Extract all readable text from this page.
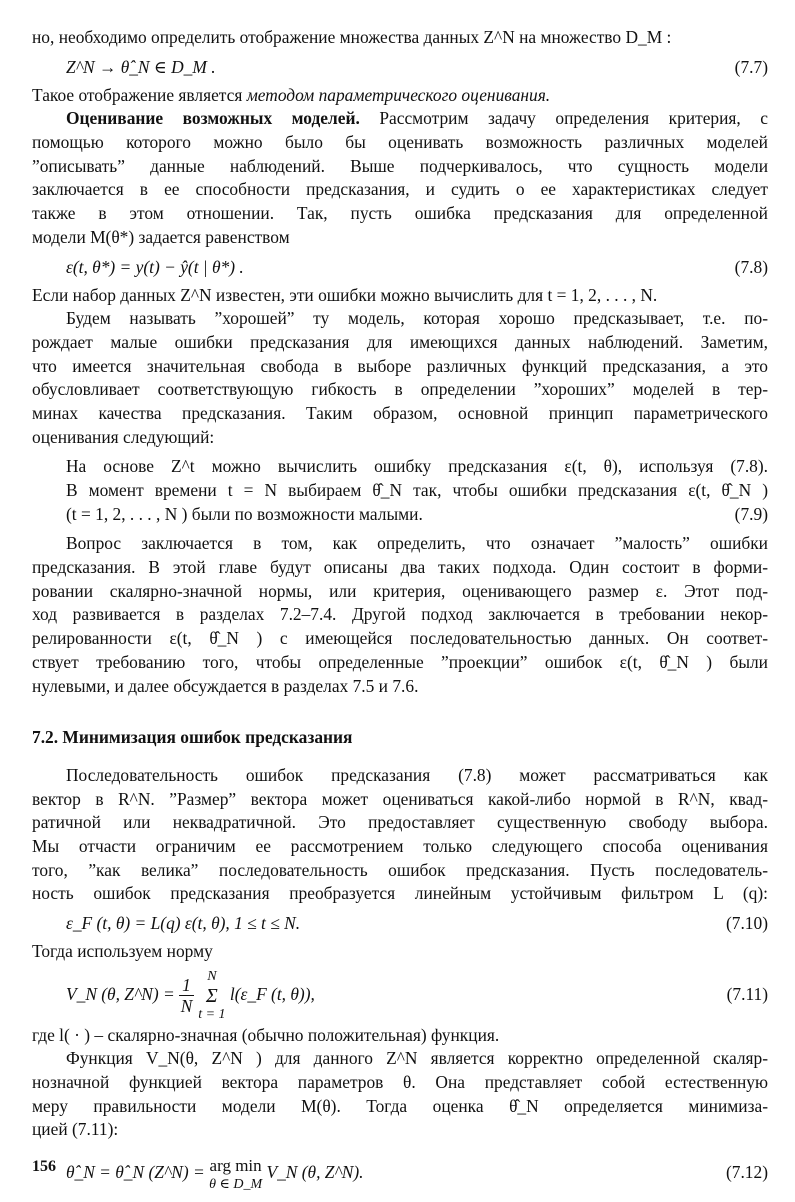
но, необходимо определить отображение множества данных Z^N на множество D_M :
Z^N → θ̂_N ∈ D_M .	(7.7)
Такое отображение является методом параметрического оценивания.
Оценивание возможных моделей. Рассмотрим задачу определения критерия, с
помощью которого можно было бы оценивать возможность различных моделей
”описывать” данные наблюдений. Выше подчеркивалось, что сущность модели
заключается в ее способности предсказания, и судить о ее характеристиках следует
также в этом отношении. Так, пусть ошибка предсказания для определенной
модели M(θ*) задается равенством
ε(t, θ*) = y(t) − ŷ(t | θ*) .	(7.8)
Если набор данных Z^N известен, эти ошибки можно вычислить для t = 1, 2, . . . , N.
Будем называть ”хорошей” ту модель, которая хорошо предсказывает, т.е. по-
рождает малые ошибки предсказания для имеющихся данных наблюдений. Заметим,
что имеется значительная свобода в выборе различных функций предсказания, а это
обусловливает соответствующую гибкость в определении ”хороших” моделей в тер-
минах качества предсказания. Таким образом, основной принцип параметрического
оценивания следующий:
На основе Z^t можно вычислить ошибку предсказания ε(t, θ), используя (7.8).
В момент времени t = N выбираем θ̂_N так, чтобы ошибки предсказания ε(t, θ̂_N )
(t = 1, 2, . . . , N ) были по возможности малыми.	(7.9)
Вопрос заключается в том, как определить, что означает ”малость” ошибки
предсказания. В этой главе будут описаны два таких подхода. Один состоит в форми-
ровании скалярно-значной нормы, или критерия, оценивающего размер ε. Этот под-
ход развивается в разделах 7.2–7.4. Другой подход заключается в требовании некор-
релированности ε(t, θ̂_N ) с имеющейся последовательностью данных. Он соответ-
ствует требованию того, чтобы определенные ”проекции” ошибок ε(t, θ̂_N ) были
нулевыми, и далее обсуждается в разделах 7.5 и 7.6.
7.2. Минимизация ошибок предсказания
Последовательность ошибок предсказания (7.8) может рассматриваться как
вектор в R^N. ”Размер” вектора может оцениваться какой-либо нормой в R^N, квад-
ратичной или неквадратичной. Это предоставляет существенную свободу выбора.
Мы отчасти ограничим ее рассмотрением только следующего способа оценивания
того, ”как велика” последовательность ошибок предсказания. Пусть последователь-
ность ошибок предсказания преобразуется линейным устойчивым фильтром L (q):
ε_F (t, θ) = L(q) ε(t, θ), 1 ≤ t ≤ N.	(7.10)
Тогда используем норму
V_N (θ, Z^N) = $\frac{1}{N}$ N
Σ
t = 1 l(ε_F (t, θ)),	(7.11)
где l( · ) – скалярно-значная (обычно положительная) функция.
Функция V_N(θ, Z^N ) для данного Z^N является корректно определенной скаляр-
нозначной функцией вектора параметров θ. Она представляет собой естественную
меру правильности модели M(θ). Тогда оценка θ̂_N определяется минимиза-
цией (7.11):
θ̂_N = θ̂_N (Z^N) = arg min
θ ∈ D_M V_N (θ, Z^N).	(7.12)
156
